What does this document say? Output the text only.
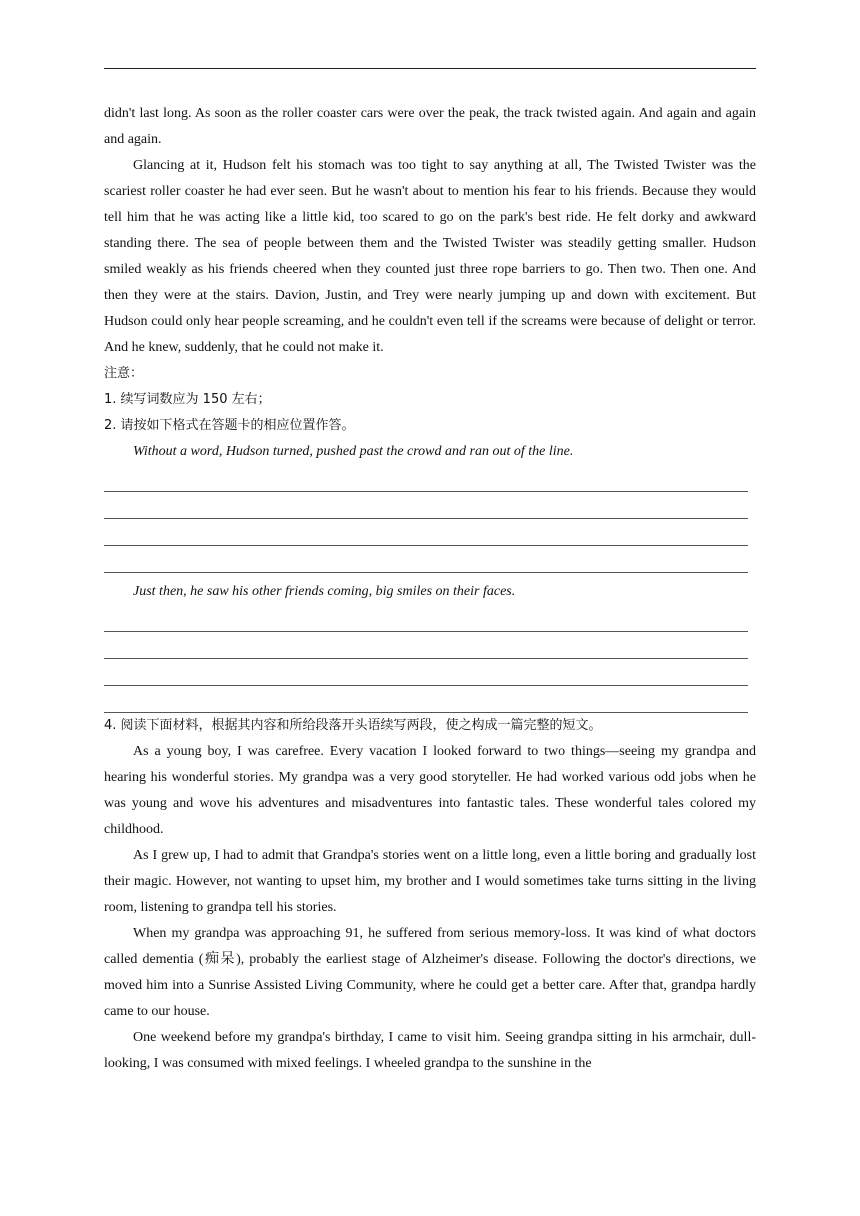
didn't last long. As soon as the roller coaster cars were over the peak, the track twisted again. And again and again and again.

Glancing at it, Hudson felt his stomach was too tight to say anything at all, The Twisted Twister was the scariest roller coaster he had ever seen. But he wasn't about to mention his fear to his friends. Because they would tell him that he was acting like a little kid, too scared to go on the park's best ride. He felt dorky and awkward standing there. The sea of people between them and the Twisted Twister was steadily getting smaller. Hudson smiled weakly as his friends cheered when they counted just three rope barriers to go. Then two. Then one. And then they were at the stairs. Davion, Justin, and Trey were nearly jumping up and down with excitement. But Hudson could only hear people screaming, and he couldn't even tell if the screams were because of delight or terror. And he knew, suddenly, that he could not make it.

注意：

1. 续写词数应为 150 左右；

2. 请按如下格式在答题卡的相应位置作答。

Without a word, Hudson turned, pushed past the crowd and ran out of the line.

Just then, he saw his other friends coming, big smiles on their faces.

4. 阅读下面材料，根据其内容和所给段落开头语续写两段，使之构成一篇完整的短文。

As a young boy, I was carefree. Every vacation I looked forward to two things—seeing my grandpa and hearing his wonderful stories. My grandpa was a very good storyteller. He had worked various odd jobs when he was young and wove his adventures and misadventures into fantastic tales. These wonderful tales colored my childhood.

As I grew up, I had to admit that Grandpa's stories went on a little long, even a little boring and gradually lost their magic. However, not wanting to upset him, my brother and I would sometimes take turns sitting in the living room, listening to grandpa tell his stories.

When my grandpa was approaching 91, he suffered from serious memory-loss. It was kind of what doctors called dementia (痴呆), probably the earliest stage of Alzheimer's disease. Following the doctor's directions, we moved him into a Sunrise Assisted Living Community, where he could get a better care. After that, grandpa hardly came to our house.

One weekend before my grandpa's birthday, I came to visit him. Seeing grandpa sitting in his armchair, dull-looking, I was consumed with mixed feelings. I wheeled grandpa to the sunshine in the
